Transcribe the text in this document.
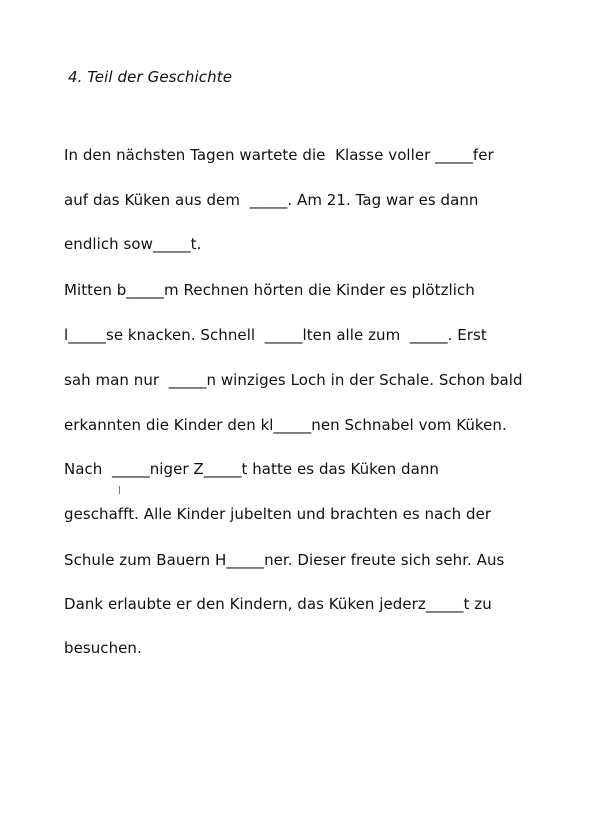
4. Teil der Geschichte
In den nächsten Tagen wartete die  Klasse voller _____fer
auf das Küken aus dem  _____. Am 21. Tag war es dann
endlich sow_____t.
Mitten b_____m Rechnen hörten die Kinder es plötzlich
l_____se knacken. Schnell  _____lten alle zum  _____. Erst
sah man nur  _____n winziges Loch in der Schale. Schon bald
erkannten die Kinder den kl_____nen Schnabel vom Küken.
Nach  _____niger Z_____t hatte es das Küken dann
geschafft. Alle Kinder jubelten und brachten es nach der
Schule zum Bauern H_____ner. Dieser freute sich sehr. Aus
Dank erlaubte er den Kindern, das Küken jederz_____t zu
besuchen.
